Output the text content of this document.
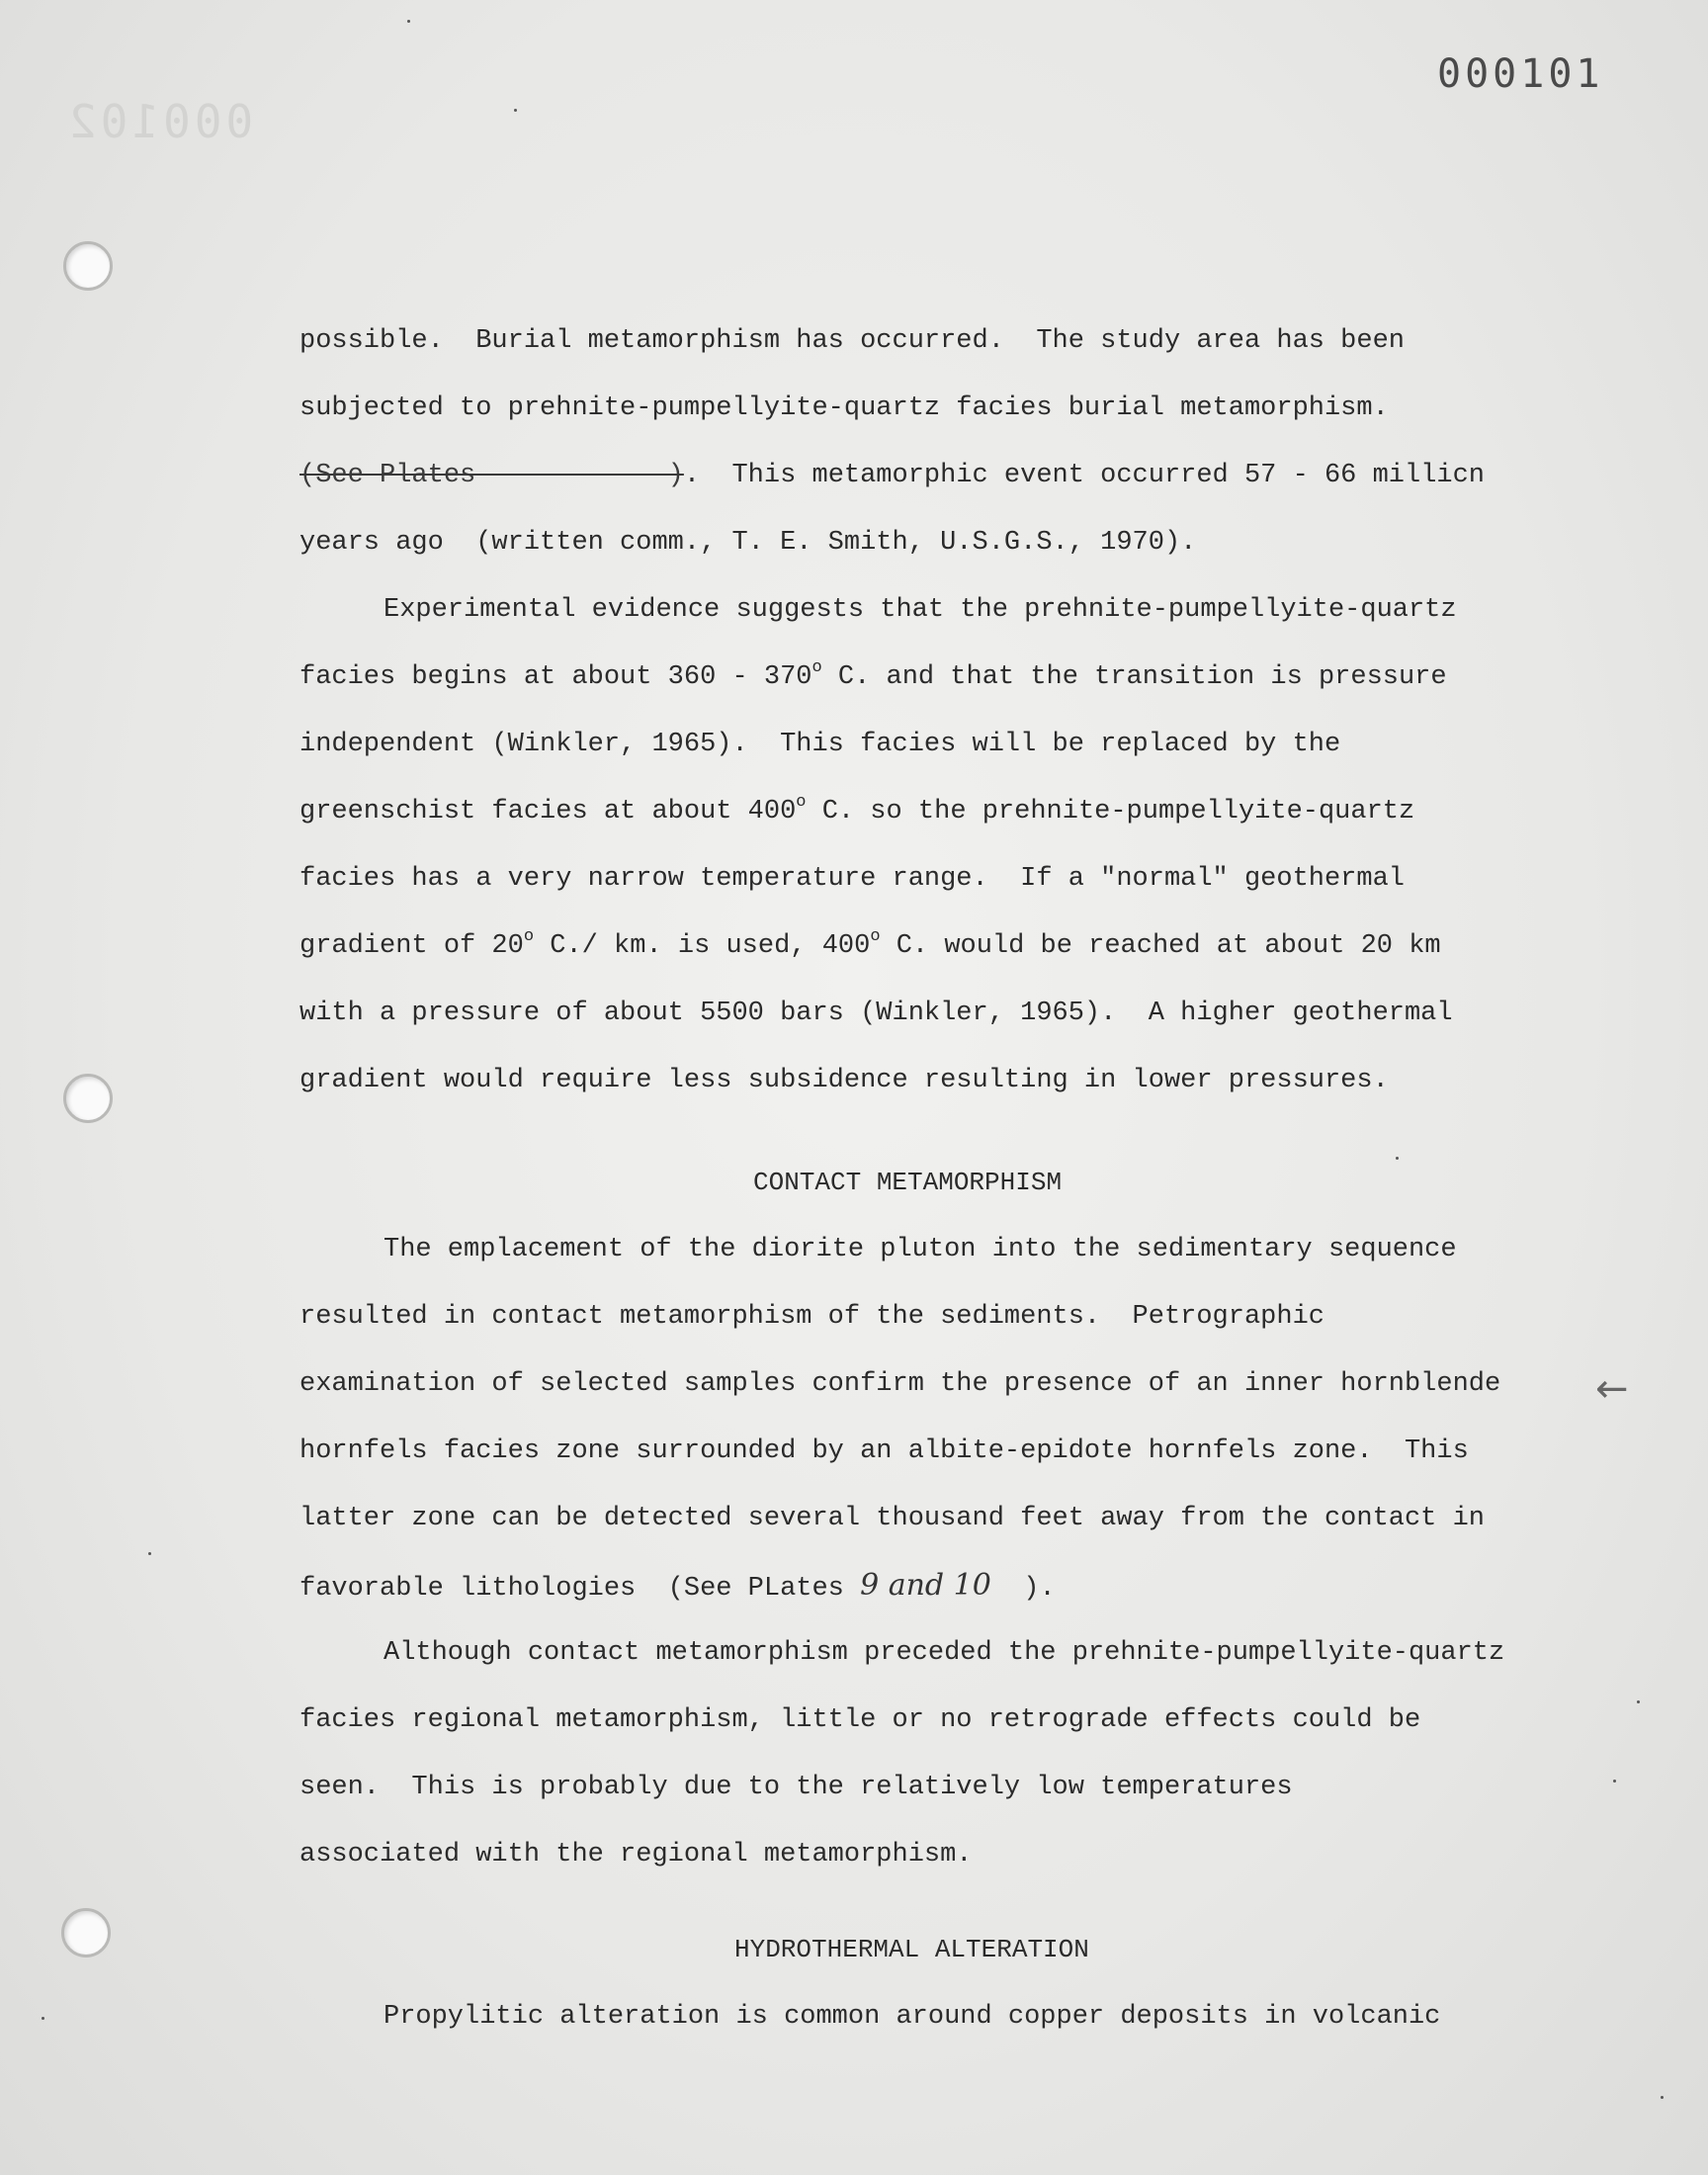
000102
000101
possible.  Burial metamorphism has occurred.  The study area has been
subjected to prehnite-pumpellyite-quartz facies burial metamorphism.
(See Plates            ).  This metamorphic event occurred 57 - 66 millicn
years ago  (written comm., T. E. Smith, U.S.G.S., 1970).
Experimental evidence suggests that the prehnite-pumpellyite-quartz
facies begins at about 360 - 370$^o$ C. and that the transition is pressure
independent (Winkler, 1965).  This facies will be replaced by the
greenschist facies at about 400$^o$ C. so the prehnite-pumpellyite-quartz
facies has a very narrow temperature range.  If a "normal" geothermal
gradient of 20$^o$ C./ km. is used, 400$^o$ C. would be reached at about 20 km
with a pressure of about 5500 bars (Winkler, 1965).  A higher geothermal
gradient would require less subsidence resulting in lower pressures.
CONTACT METAMORPHISM
The emplacement of the diorite pluton into the sedimentary sequence
resulted in contact metamorphism of the sediments.  Petrographic
examination of selected samples confirm the presence of an inner hornblende
hornfels facies zone surrounded by an albite-epidote hornfels zone.  This
latter zone can be detected several thousand feet away from the contact in
favorable lithologies  (See PLates 9 and 10  ).
Although contact metamorphism preceded the prehnite-pumpellyite-quartz
facies regional metamorphism, little or no retrograde effects could be
seen.  This is probably due to the relatively low temperatures
associated with the regional metamorphism.
HYDROTHERMAL ALTERATION
Propylitic alteration is common around copper deposits in volcanic
←
